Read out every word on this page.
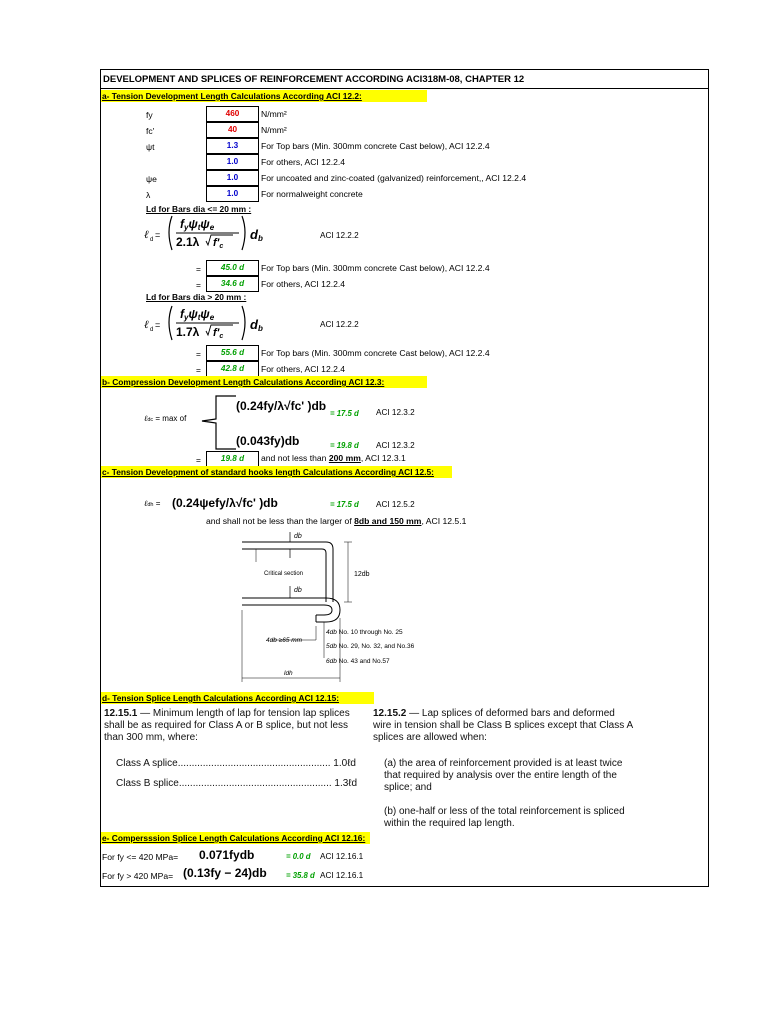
DEVELOPMENT AND SPLICES OF REINFORCEMENT ACCORDING ACI318M-08, CHAPTER 12
a- Tension Development Length Calculations According ACI 12.2:
fy	460	N/mm²
fc'	40	N/mm²
ψt	1.3	For Top bars (Min. 300mm concrete Cast below), ACI 12.2.4
1.0	For others, ACI 12.2.4
ψe	1.0	For uncoated and zinc-coated (galvanized) reinforcement,, ACI 12.2.4
λ	1.0	For normalweight concrete
Ld for Bars dia <= 20 mm :
ℓ d =
fyψtψe
2.1λ f′c
db	ACI 12.2.2
=	45.0 d	For Top bars (Min. 300mm concrete Cast below), ACI 12.2.4
=	34.6 d	For others, ACI 12.2.4
Ld for Bars dia > 20 mm :
ℓ d =
fyψtψe
1.7λ f′c
db	ACI 12.2.2
=	55.6 d	For Top bars (Min. 300mm concrete Cast below), ACI 12.2.4
=	42.8 d	For others, ACI 12.2.4
b- Compression Development Length Calculations According ACI 12.3:
ℓdc = max of
(0.24fy/λ√fc' )db
= 17.5 d ACI 12.3.2
(0.043fy)db	= 19.8 d ACI 12.3.2
=	19.8 d	and not less than 200 mm, ACI 12.3.1
c- Tension Development of standard hooks length Calculations According ACI 12.5:
ℓdh = (0.24ψefy/λ√fc' )db	= 17.5 d ACI 12.5.2
and shall not be less than the larger of 8db and 150 mm, ACI 12.5.1
db
Critical section	12db
db
4db ≥65 mm
4db No. 10 through No. 25
5db No. 29, No. 32, and No.36
6db No. 43 and No.57
ldh
d- Tension Splice Length Calculations According ACI 12.15:
12.15.1 — Minimum length of lap for tension lap splices shall be as required for Class A or B splice, but not less than 300 mm, where:
Class A splice....................................................... 1.0ℓd
Class B splice....................................................... 1.3ℓd
12.15.2 — Lap splices of deformed bars and deformed wire in tension shall be Class B splices except that Class A splices are allowed when:
(a) the area of reinforcement provided is at least twice that required by analysis over the entire length of the splice; and
(b) one-half or less of the total reinforcement is spliced within the required lap length.
e- Compersssion Splice Length Calculations According ACI 12.16:
For fy <= 420 MPa= 0.071fydb	= 0.0 d ACI 12.16.1
For fy > 420 MPa= (0.13fy − 24)db = 35.8 d ACI 12.16.1
